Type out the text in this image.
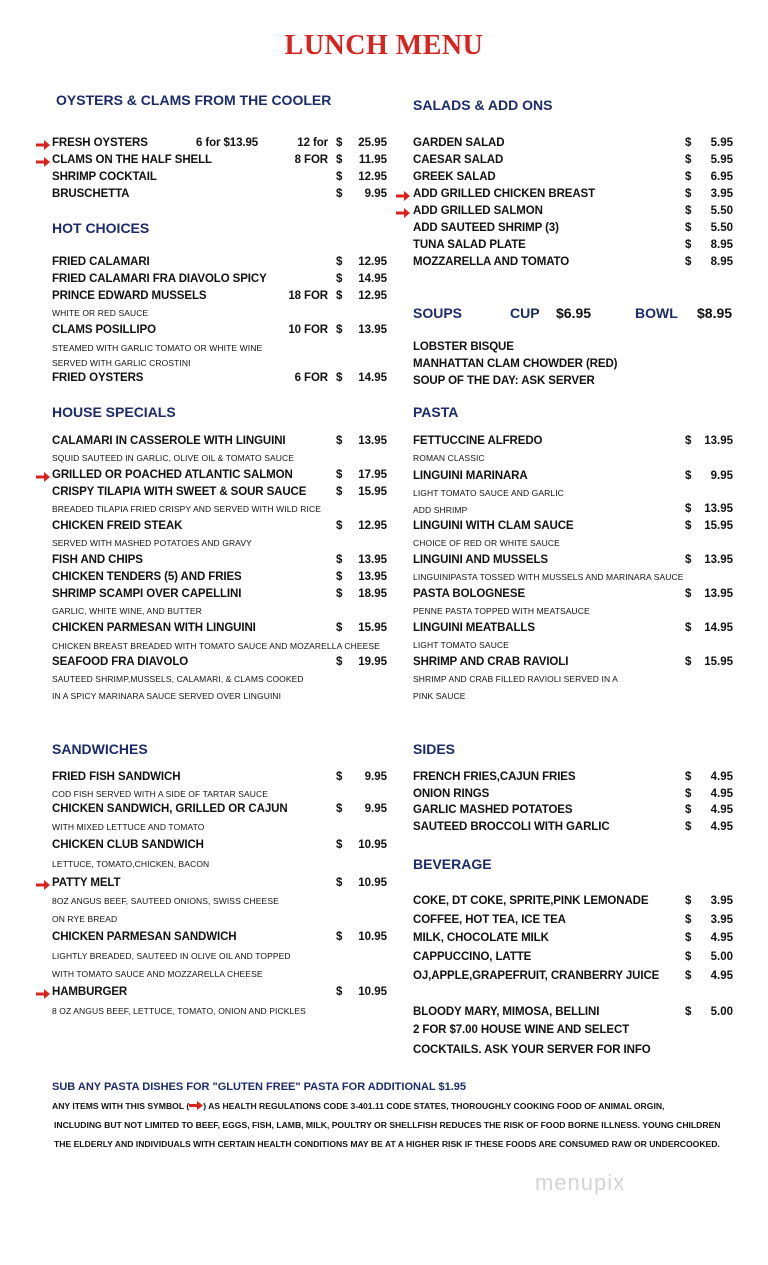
LUNCH MENU
OYSTERS & CLAMS FROM THE COOLER
FRESH OYSTERS	6 for $13.95	12 for $	25.95
CLAMS ON THE HALF SHELL	8 FOR $	11.95
SHRIMP COCKTAIL	$	12.95
BRUSCHETTA	$	9.95
HOT CHOICES
FRIED CALAMARI	$	12.95
FRIED CALAMARI FRA DIAVOLO SPICY	$	14.95
PRINCE EDWARD MUSSELS	18 FOR $	12.95
WHITE OR RED SAUCE
CLAMS POSILLIPO	10 FOR $	13.95
STEAMED WITH GARLIC TOMATO OR WHITE WINE
SERVED WITH GARLIC CROSTINI
FRIED OYSTERS	6 FOR $	14.95
HOUSE SPECIALS
CALAMARI IN CASSEROLE WITH LINGUINI	$	13.95
SQUID SAUTEED IN GARLIC, OLIVE OIL & TOMATO SAUCE
GRILLED OR POACHED ATLANTIC SALMON	$	17.95
CRISPY TILAPIA WITH SWEET & SOUR SAUCE	$	15.95
BREADED TILAPIA FRIED CRISPY AND SERVED WITH WILD RICE
CHICKEN FREID STEAK	$	12.95
SERVED WITH MASHED POTATOES AND GRAVY
FISH AND CHIPS	$	13.95
CHICKEN TENDERS (5) AND FRIES	$	13.95
SHRIMP SCAMPI OVER CAPELLINI	$	18.95
GARLIC, WHITE WINE, AND BUTTER
CHICKEN PARMESAN WITH LINGUINI	$	15.95
CHICKEN BREAST BREADED WITH TOMATO SAUCE AND MOZARELLA CHEESE
SEAFOOD FRA DIAVOLO	$	19.95
SAUTEED SHRIMP,MUSSELS, CALAMARI, & CLAMS COOKED
IN A SPICY MARINARA SAUCE SERVED OVER LINGUINI
SANDWICHES
FRIED FISH SANDWICH	$	9.95
COD FISH SERVED WITH A SIDE OF TARTAR SAUCE
CHICKEN SANDWICH, GRILLED OR CAJUN	$	9.95
WITH MIXED LETTUCE AND TOMATO
CHICKEN CLUB SANDWICH	$	10.95
LETTUCE, TOMATO,CHICKEN, BACON
PATTY MELT	$	10.95
8OZ ANGUS BEEF, SAUTEED ONIONS, SWISS CHEESE
ON RYE BREAD
CHICKEN PARMESAN SANDWICH	$	10.95
LIGHTLY BREADED, SAUTEED IN OLIVE OIL AND TOPPED
WITH TOMATO SAUCE AND MOZZARELLA CHEESE
HAMBURGER	$	10.95
8 OZ ANGUS BEEF, LETTUCE, TOMATO, ONION AND PICKLES
SALADS & ADD ONS
GARDEN SALAD	$	5.95
CAESAR SALAD	$	5.95
GREEK SALAD	$	6.95
ADD GRILLED CHICKEN BREAST	$	3.95
ADD GRILLED SALMON	$	5.50
ADD SAUTEED SHRIMP (3)	$	5.50
TUNA SALAD PLATE	$	8.95
MOZZARELLA AND TOMATO	$	8.95
LOBSTER BISQUE
MANHATTAN CLAM CHOWDER (RED)
SOUP OF THE DAY: ASK SERVER
PASTA
FETTUCCINE ALFREDO	$	13.95
ROMAN CLASSIC
LINGUINI MARINARA	$	9.95
LIGHT TOMATO SAUCE AND GARLIC
ADD SHRIMP	$	13.95
LINGUINI WITH CLAM SAUCE	$	15.95
CHOICE OF RED OR WHITE SAUCE
LINGUINI AND MUSSELS	$	13.95
LINGUINIPASTA TOSSED WITH MUSSELS AND MARINARA SAUCE
PASTA BOLOGNESE	$	13.95
PENNE PASTA TOPPED WITH MEATSAUCE
LINGUINI MEATBALLS	$	14.95
LIGHT TOMATO SAUCE
SHRIMP AND CRAB RAVIOLI	$	15.95
SHRIMP AND CRAB FILLED RAVIOLI SERVED IN A
PINK SAUCE
SIDES
FRENCH FRIES,CAJUN FRIES	$	4.95
ONION RINGS	$	4.95
GARLIC MASHED POTATOES	$	4.95
SAUTEED BROCCOLI WITH GARLIC	$	4.95
BEVERAGE
COKE, DT COKE, SPRITE,PINK LEMONADE	$	3.95
COFFEE, HOT TEA, ICE TEA	$	3.95
MILK, CHOCOLATE MILK	$	4.95
CAPPUCCINO, LATTE	$	5.00
OJ,APPLE,GRAPEFRUIT, CRANBERRY JUICE $	4.95
SOUPS	CUP $6.95	BOWL $8.95
BLOODY MARY, MIMOSA, BELLINI	$	5.00
2 FOR $7.00 HOUSE WINE AND SELECT
COCKTAILS. ASK YOUR SERVER FOR INFO
SUB ANY PASTA DISHES FOR "GLUTEN FREE" PASTA FOR ADDITIONAL $1.95
ANY ITEMS WITH THIS SYMBOL ( ) AS HEALTH REGULATIONS CODE 3-401.11 CODE STATES, THOROUGHLY COOKING FOOD OF ANIMAL ORGIN,
INCLUDING BUT NOT LIMITED TO BEEF, EGGS, FISH, LAMB, MILK, POULTRY OR SHELLFISH REDUCES THE RISK OF FOOD BORNE ILLNESS. YOUNG CHILDREN
THE ELDERLY AND INDIVIDUALS WITH CERTAIN HEALTH CONDITIONS MAY BE AT A HIGHER RISK IF THESE FOODS ARE CONSUMED RAW OR UNDERCOOKED.
menupix
